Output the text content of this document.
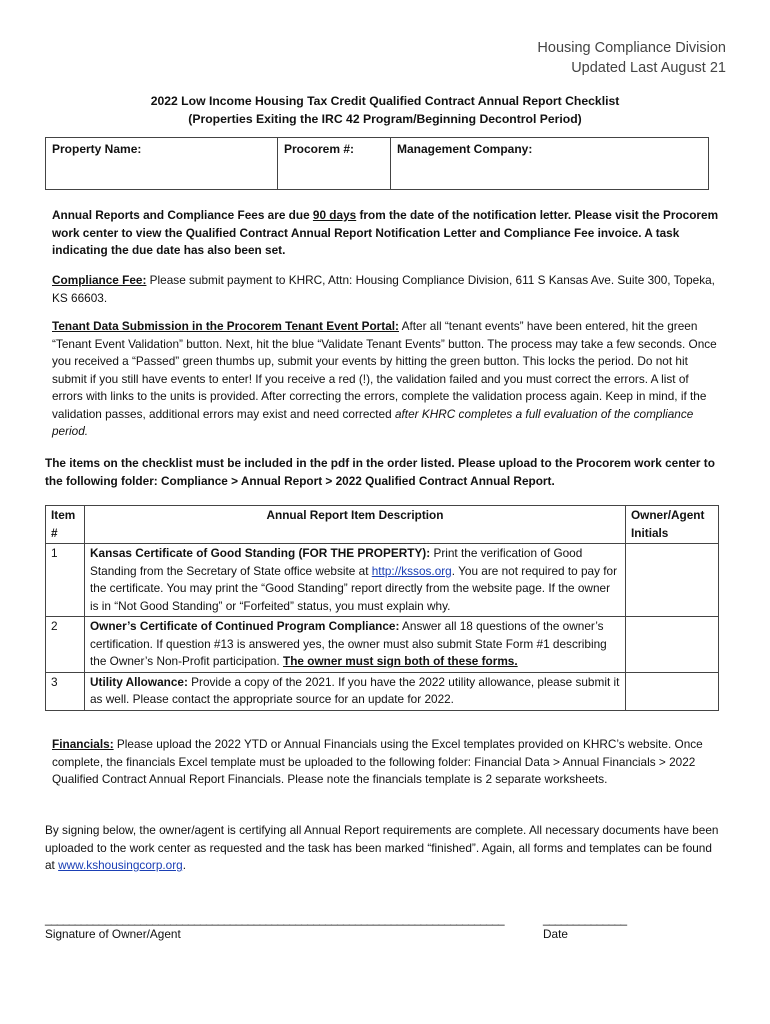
Housing Compliance Division
Updated Last August 21
2022 Low Income Housing Tax Credit Qualified Contract Annual Report Checklist
(Properties Exiting the IRC 42 Program/Beginning Decontrol Period)
Property Name:	Procorem #:	Management Company:
Annual Reports and Compliance Fees are due 90 days from the date of the notification letter. Please visit the Procorem work center to view the Qualified Contract Annual Report Notification Letter and Compliance Fee invoice. A task indicating the due date has also been set.
Compliance Fee: Please submit payment to KHRC, Attn: Housing Compliance Division, 611 S Kansas Ave. Suite 300, Topeka, KS 66603.
Tenant Data Submission in the Procorem Tenant Event Portal: After all “tenant events” have been entered, hit the green “Tenant Event Validation” button. Next, hit the blue “Validate Tenant Events” button. The process may take a few seconds. Once you received a “Passed” green thumbs up, submit your events by hitting the green button. This locks the period. Do not hit submit if you still have events to enter! If you receive a red (!), the validation failed and you must correct the errors. A list of errors with links to the units is provided. After correcting the errors, complete the validation process again. Keep in mind, if the validation passes, additional errors may exist and need corrected after KHRC completes a full evaluation of the compliance period.
The items on the checklist must be included in the pdf in the order listed. Please upload to the Procorem work center to the following folder: Compliance > Annual Report > 2022 Qualified Contract Annual Report.
Item #	Annual Report Item Description	Owner/Agent Initials
1	Kansas Certificate of Good Standing (FOR THE PROPERTY): Print the verification of Good Standing from the Secretary of State office website at http://kssos.org. You are not required to pay for the certificate. You may print the “Good Standing” report directly from the website page. If the owner is in “Not Good Standing” or “Forfeited” status, you must explain why.	
2	Owner’s Certificate of Continued Program Compliance: Answer all 18 questions of the owner’s certification. If question #13 is answered yes, the owner must also submit State Form #1 describing the Owner’s Non-Profit participation. The owner must sign both of these forms.	
3	Utility Allowance: Provide a copy of the 2021. If you have the 2022 utility allowance, please submit it as well. Please contact the appropriate source for an update for 2022.	
Financials: Please upload the 2022 YTD or Annual Financials using the Excel templates provided on KHRC’s website. Once complete, the financials Excel template must be uploaded to the following folder: Financial Data > Annual Financials > 2022 Qualified Contract Annual Report Financials. Please note the financials template is 2 separate worksheets.
By signing below, the owner/agent is certifying all Annual Report requirements are complete. All necessary documents have been uploaded to the work center as requested and the task has been marked “finished”. Again, all forms and templates can be found at www.kshousingcorp.org.
_____________________________________________________________________________
Signature of Owner/Agent
______________
Date
